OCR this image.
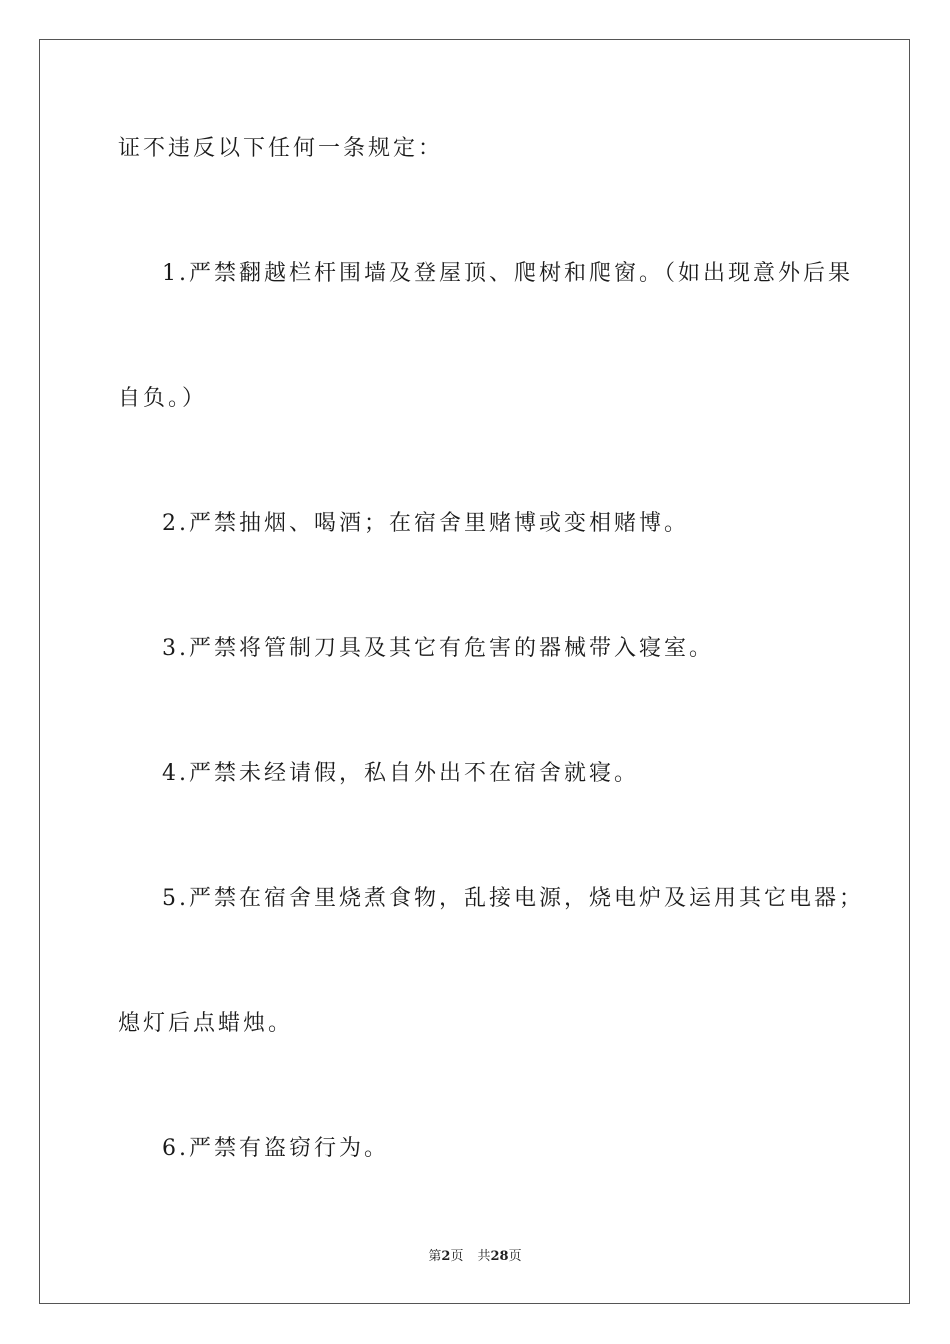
证不违反以下任何一条规定：
1.严禁翻越栏杆围墙及登屋顶、爬树和爬窗。（如出现意外后果
自负。）
2.严禁抽烟、喝酒；在宿舍里赌博或变相赌博。
3.严禁将管制刀具及其它有危害的器械带入寝室。
4.严禁未经请假，私自外出不在宿舍就寝。
5.严禁在宿舍里烧煮食物，乱接电源，烧电炉及运用其它电器；
熄灯后点蜡烛。
6.严禁有盗窃行为。
第2页 共28页
